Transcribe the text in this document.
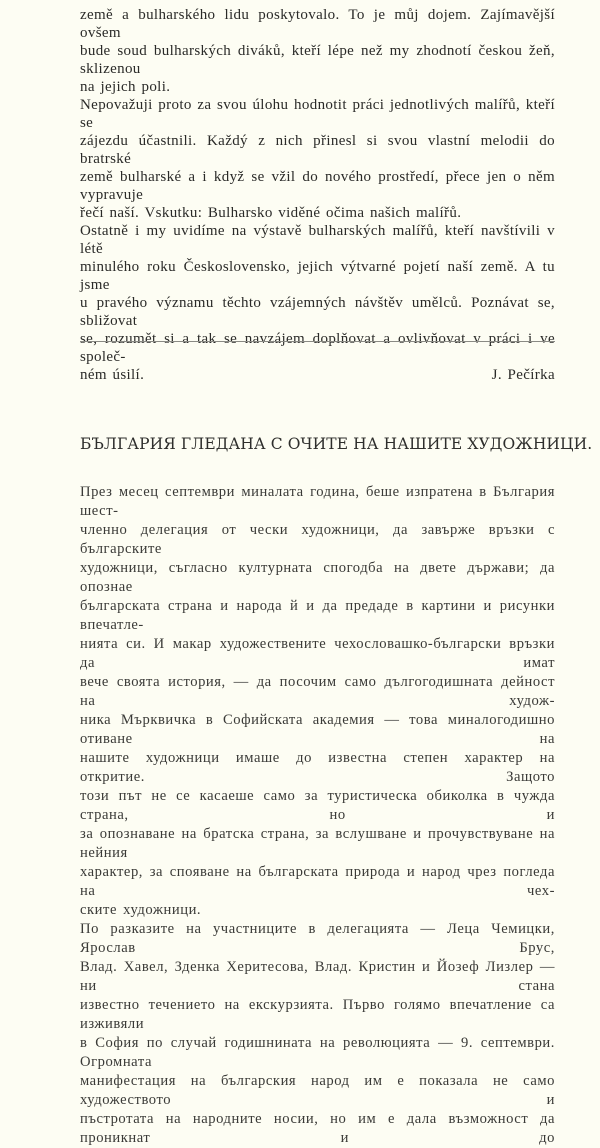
země a bulharského lidu poskytovalo. To je můj dojem. Zajímavější ovšem
bude soud bulharských diváků, kteří lépe než my zhodnotí českou žeň, sklizenou
na jejich poli.

Nepovažuji proto za svou úlohu hodnotit práci jednotlivých malířů, kteří se
zájezdu účastnili. Každý z nich přinesl si svou vlastní melodii do bratrské
země bulharské a i když se vžil do nového prostředí, přece jen o něm vypravuje
řečí naší. Vskutku: Bulharsko viděné očima našich malířů.

Ostatně i my uvidíme na výstavě bulharských malířů, kteří navštívili v létě
minulého roku Československo, jejich výtvarné pojetí naší země. A tu jsme
u pravého významu těchto vzájemných návštěv umělců. Poznávat se, sbližovat
se, rozumět si a tak se navzájem doplňovat a ovlivňovat v práci i ve společ-
ném úsilí.	J. Pečírka

БЪЛГАРИЯ ГЛЕДАНА С ОЧИТЕ НА НАШИТЕ ХУДОЖНИЦИ.

През месец септември миналата година, беше изпратена в България шест-
членно делегация от чески художници, да завърже връзки с българските
художници, съгласно културната спогодба на двете държави; да опознае
българската страна и народа й и да предаде в картини и рисунки впечатле-
нията си. И макар художествените чехословашко-български връзки да имат
вече своята история, — да посочим само дългогодишната дейност на худож-
ника Мърквичка в Софийската академия — това миналогодишно отиване на
нашите художници имаше до известна степен характер на откритие. Защото
този път не се касаеше само за туристическа обиколка в чужда страна, но и
за опознаване на братска страна, за вслушване и прочувствуване на нейния
характер, за спояване на българската природа и народ чрез погледа на чех-
ските художници.

По разказите на участниците в делегацията — Леца Чемицки, Ярослав Брус,
Влад. Хавел, Зденка Херитесова, Влад. Кристин и Йозеф Лизлер — ни стана
известно течението на екскурзията. Първо голямо впечатление са изживяли
в София по случай годишнината на революцията — 9. септември. Огромната
манифестация на българския народ им е показала не само художеството и
пъстротата на народните носии, но им е дала възможност да проникнат и до
